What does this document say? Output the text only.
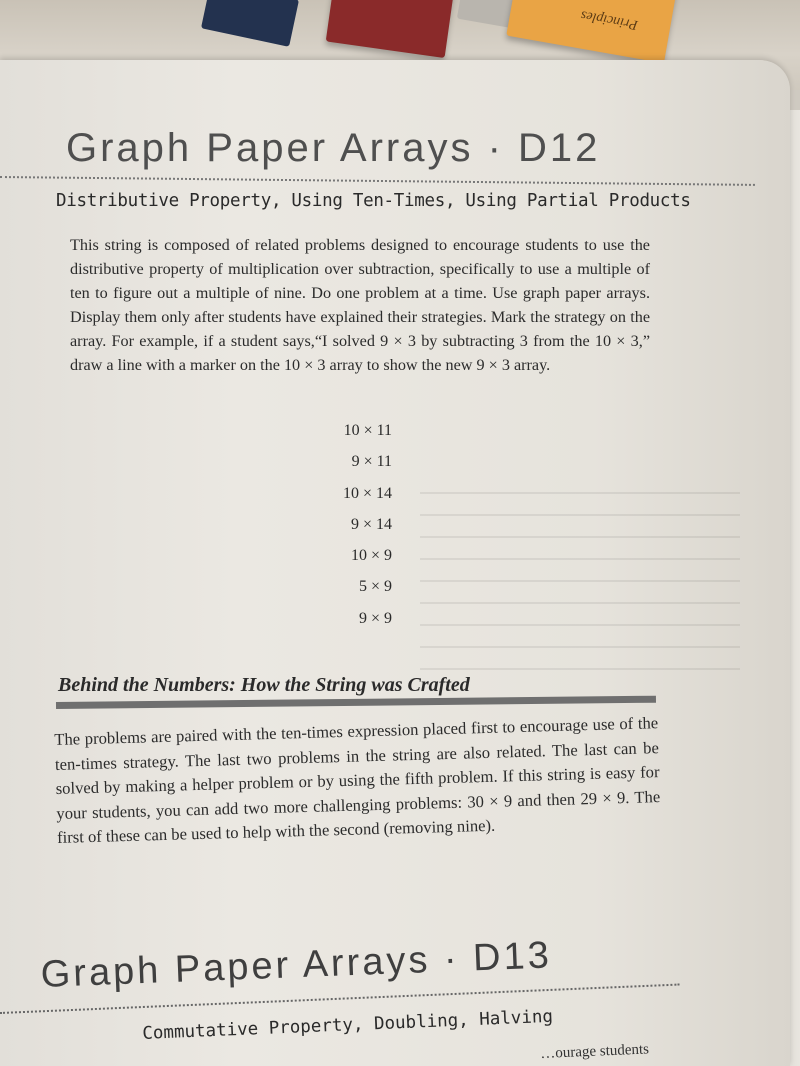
Principles
Graph Paper Arrays · D12
Distributive Property, Using Ten-Times, Using Partial Products

This string is composed of related problems designed to encourage students to use the distributive property of multiplication over subtraction, specifically to use a multiple of ten to figure out a multiple of nine. Do one problem at a time. Use graph paper arrays. Display them only after students have explained their strategies. Mark the strategy on the array. For example, if a student says,“I solved 9 × 3 by subtracting 3 from the 10 × 3,” draw a line with a marker on the 10 × 3 array to show the new 9 × 3 array.

10 × 11
9 × 11
10 × 14
9 × 14
10 × 9
5 × 9
9 × 9
Behind the Numbers: How the String was Crafted

The problems are paired with the ten-times expression placed first to encourage use of the ten-times strategy. The last two problems in the string are also related. The last can be solved by making a helper problem or by using the fifth problem. If this string is easy for your students, you can add two more challenging problems: 30 × 9 and then 29 × 9. The first of these can be used to help with the second (removing nine).

Graph Paper Arrays · D13
Commutative Property, Doubling, Halving
…ourage students
